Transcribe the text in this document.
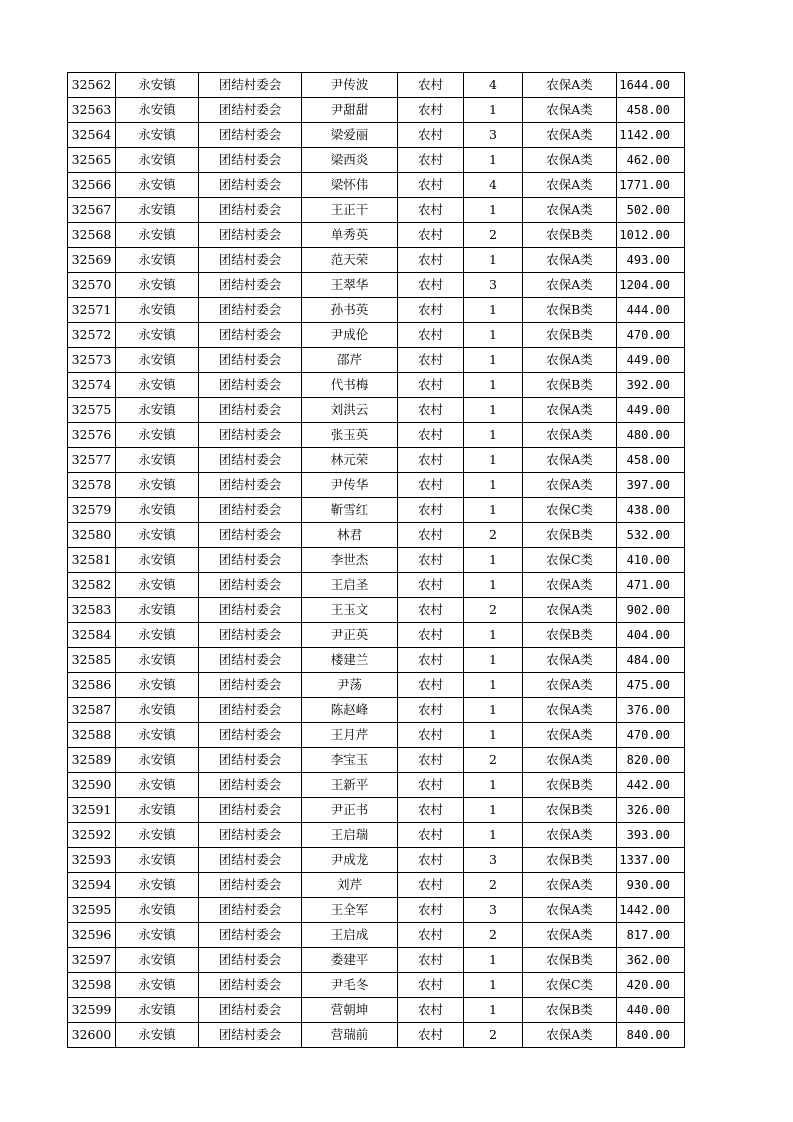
32562	永安镇	团结村委会	尹传波	农村	4	农保A类	1644.00
32563	永安镇	团结村委会	尹甜甜	农村	1	农保A类	458.00
32564	永安镇	团结村委会	梁爱丽	农村	3	农保A类	1142.00
32565	永安镇	团结村委会	梁西炎	农村	1	农保A类	462.00
32566	永安镇	团结村委会	梁怀伟	农村	4	农保A类	1771.00
32567	永安镇	团结村委会	王正干	农村	1	农保A类	502.00
32568	永安镇	团结村委会	单秀英	农村	2	农保B类	1012.00
32569	永安镇	团结村委会	范天荣	农村	1	农保A类	493.00
32570	永安镇	团结村委会	王翠华	农村	3	农保A类	1204.00
32571	永安镇	团结村委会	孙书英	农村	1	农保B类	444.00
32572	永安镇	团结村委会	尹成伦	农村	1	农保B类	470.00
32573	永安镇	团结村委会	邵芹	农村	1	农保A类	449.00
32574	永安镇	团结村委会	代书梅	农村	1	农保B类	392.00
32575	永安镇	团结村委会	刘洪云	农村	1	农保A类	449.00
32576	永安镇	团结村委会	张玉英	农村	1	农保A类	480.00
32577	永安镇	团结村委会	林元荣	农村	1	农保A类	458.00
32578	永安镇	团结村委会	尹传华	农村	1	农保A类	397.00
32579	永安镇	团结村委会	靳雪红	农村	1	农保C类	438.00
32580	永安镇	团结村委会	林君	农村	2	农保B类	532.00
32581	永安镇	团结村委会	李世杰	农村	1	农保C类	410.00
32582	永安镇	团结村委会	王启圣	农村	1	农保A类	471.00
32583	永安镇	团结村委会	王玉文	农村	2	农保A类	902.00
32584	永安镇	团结村委会	尹正英	农村	1	农保B类	404.00
32585	永安镇	团结村委会	楼建兰	农村	1	农保A类	484.00
32586	永安镇	团结村委会	尹荡	农村	1	农保A类	475.00
32587	永安镇	团结村委会	陈赵峰	农村	1	农保A类	376.00
32588	永安镇	团结村委会	王月芹	农村	1	农保A类	470.00
32589	永安镇	团结村委会	李宝玉	农村	2	农保A类	820.00
32590	永安镇	团结村委会	王新平	农村	1	农保B类	442.00
32591	永安镇	团结村委会	尹正书	农村	1	农保B类	326.00
32592	永安镇	团结村委会	王启瑞	农村	1	农保A类	393.00
32593	永安镇	团结村委会	尹成龙	农村	3	农保B类	1337.00
32594	永安镇	团结村委会	刘芹	农村	2	农保A类	930.00
32595	永安镇	团结村委会	王全军	农村	3	农保A类	1442.00
32596	永安镇	团结村委会	王启成	农村	2	农保A类	817.00
32597	永安镇	团结村委会	娄建平	农村	1	农保B类	362.00
32598	永安镇	团结村委会	尹毛冬	农村	1	农保C类	420.00
32599	永安镇	团结村委会	营朝坤	农村	1	农保B类	440.00
32600	永安镇	团结村委会	营瑞前	农村	2	农保A类	840.00
